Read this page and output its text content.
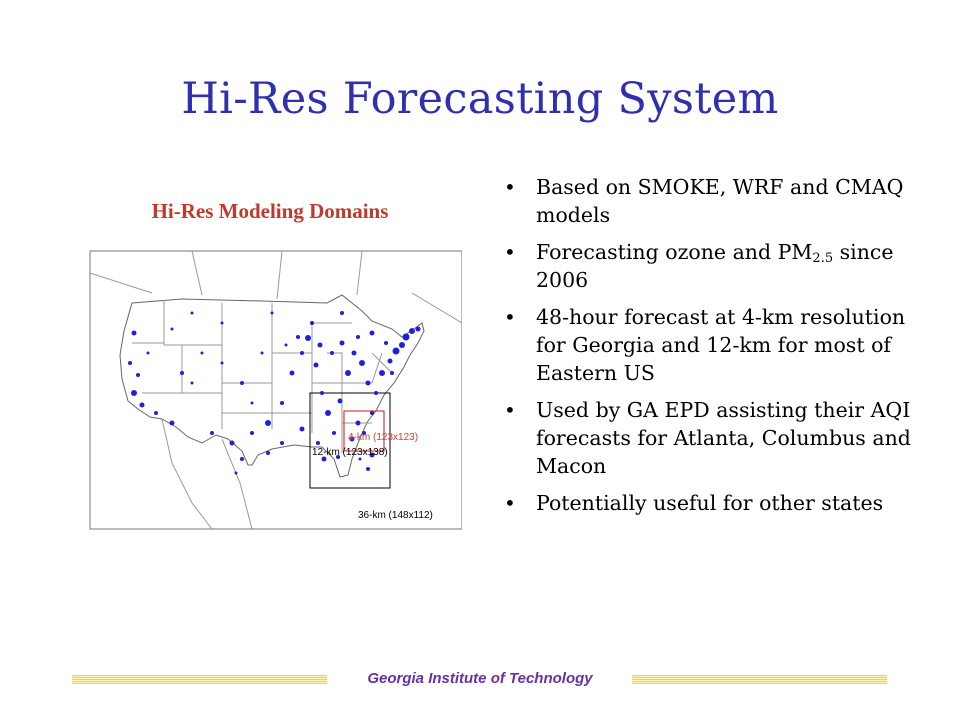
Hi-Res Forecasting System
Hi-Res Modeling Domains
4-km (123x123)
12-km (123x138)
36-km (148x112)
• Based on SMOKE, WRF and CMAQ models
• Forecasting ozone and $PM_{2.5}$ since 2006
• 48-hour forecast at 4-km resolution for Georgia and 12-km for most of Eastern US
• Used by GA EPD assisting their AQI forecasts for Atlanta, Columbus and Macon
• Potentially useful for other states
Georgia Institute of Technology
